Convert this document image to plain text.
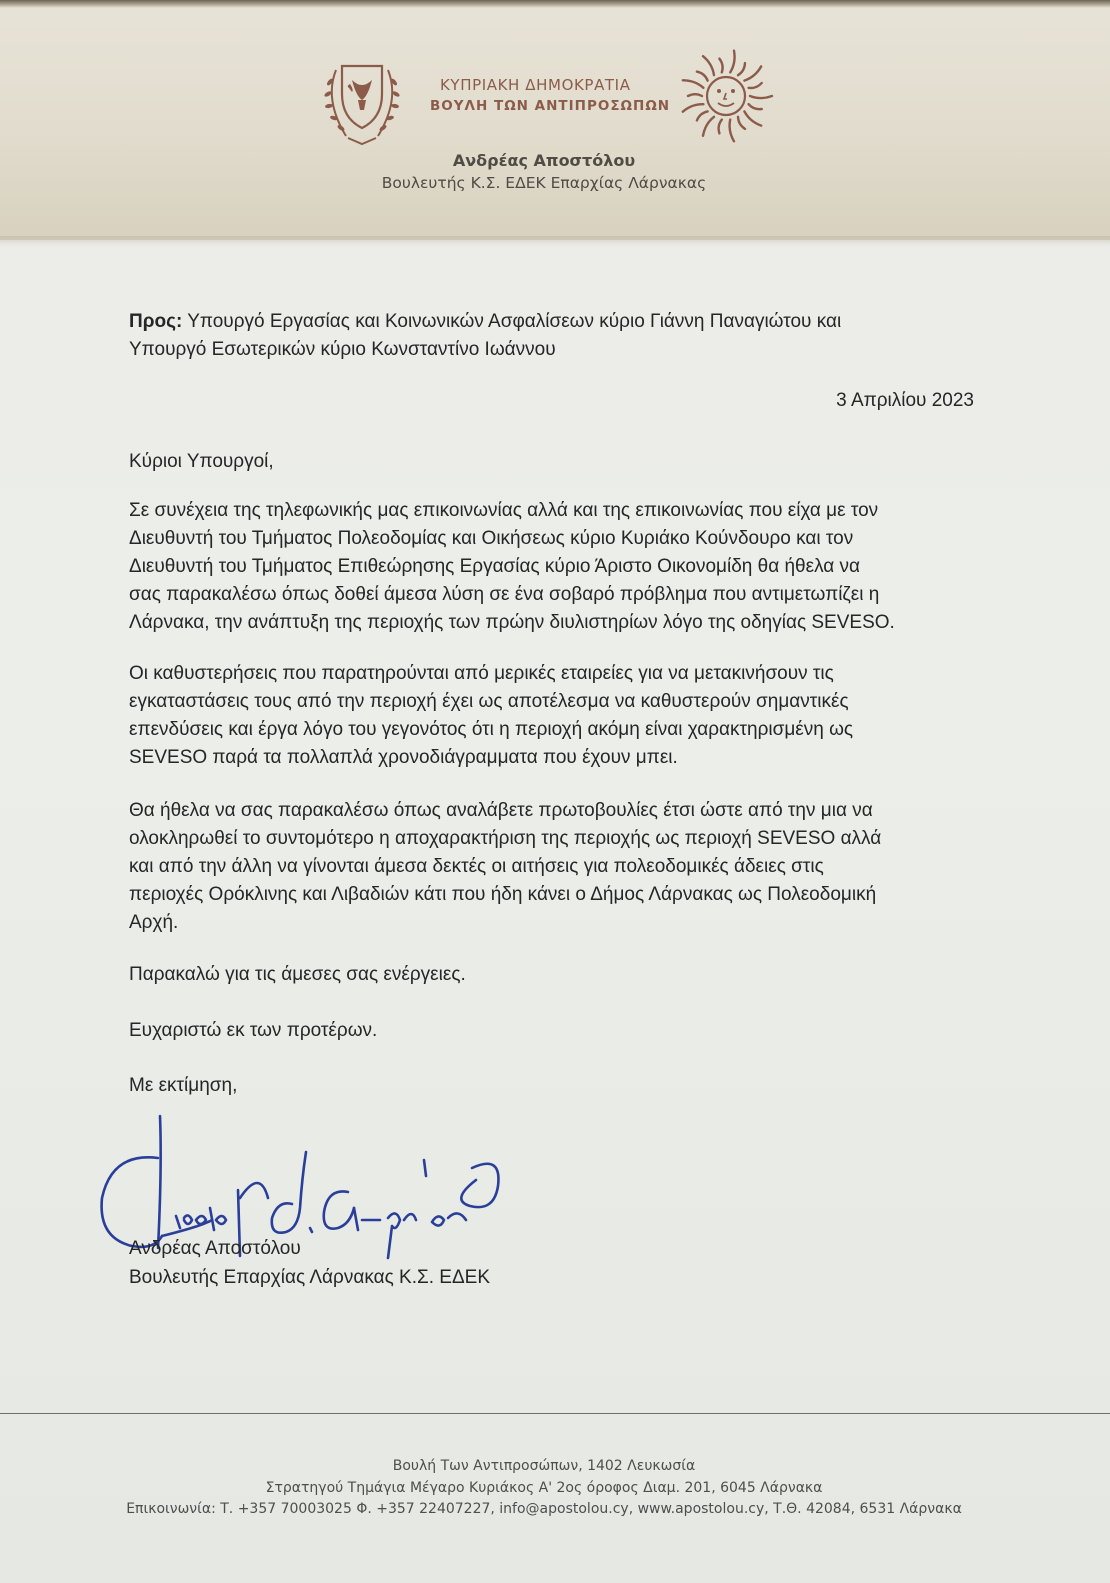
ΚΥΠΡΙΑΚΗ ΔΗΜΟΚΡΑΤΙΑ
ΒΟΥΛΗ ΤΩΝ ΑΝΤΙΠΡΟΣΩΠΩΝ
Ανδρέας Αποστόλου
Βουλευτής Κ.Σ. ΕΔΕΚ Επαρχίας Λάρνακας
Προς: Υπουργό Εργασίας και Κοινωνικών Ασφαλίσεων κύριο Γιάννη Παναγιώτου και
Υπουργό Εσωτερικών κύριο Κωνσταντίνο Ιωάννου
3 Απριλίου 2023
Κύριοι Υπουργοί,
Σε συνέχεια της τηλεφωνικής μας επικοινωνίας αλλά και της επικοινωνίας που είχα με τον
Διευθυντή του Τμήματος Πολεοδομίας και Οικήσεως κύριο Κυριάκο Κούνδουρο και τον
Διευθυντή του Τμήματος Επιθεώρησης Εργασίας κύριο Άριστο Οικονομίδη θα ήθελα να
σας παρακαλέσω όπως δοθεί άμεσα λύση σε ένα σοβαρό πρόβλημα που αντιμετωπίζει η
Λάρνακα, την ανάπτυξη της περιοχής των πρώην διυλιστηρίων λόγο της οδηγίας SEVESO.
Οι καθυστερήσεις που παρατηρούνται από μερικές εταιρείες για να μετακινήσουν τις
εγκαταστάσεις τους από την περιοχή έχει ως αποτέλεσμα να καθυστερούν σημαντικές
επενδύσεις και έργα λόγο του γεγονότος ότι η περιοχή ακόμη είναι χαρακτηρισμένη ως
SEVESO παρά τα πολλαπλά χρονοδιάγραμματα που έχουν μπει.
Θα ήθελα να σας παρακαλέσω όπως αναλάβετε πρωτοβουλίες έτσι ώστε από την μια να
ολοκληρωθεί το συντομότερο η αποχαρακτήριση της περιοχής ως περιοχή SEVESO αλλά
και από την άλλη να γίνονται άμεσα δεκτές οι αιτήσεις για πολεοδομικές άδειες στις
περιοχές Ορόκλινης και Λιβαδιών κάτι που ήδη κάνει ο Δήμος Λάρνακας ως Πολεοδομική
Αρχή.
Παρακαλώ για τις άμεσες σας ενέργειες.
Ευχαριστώ εκ των προτέρων.
Με εκτίμηση,
Ανδρέας Αποστόλου
Βουλευτής Επαρχίας Λάρνακας Κ.Σ. ΕΔΕΚ
Βουλή Των Αντιπροσώπων, 1402 Λευκωσία
Στρατηγού Τημάγια Μέγαρο Κυριάκος Α' 2ος όροφος Διαμ. 201, 6045 Λάρνακα
Επικοινωνία: Τ. +357 70003025 Φ. +357 22407227, info@apostolou.cy, www.apostolou.cy, Τ.Θ. 42084, 6531 Λάρνακα
